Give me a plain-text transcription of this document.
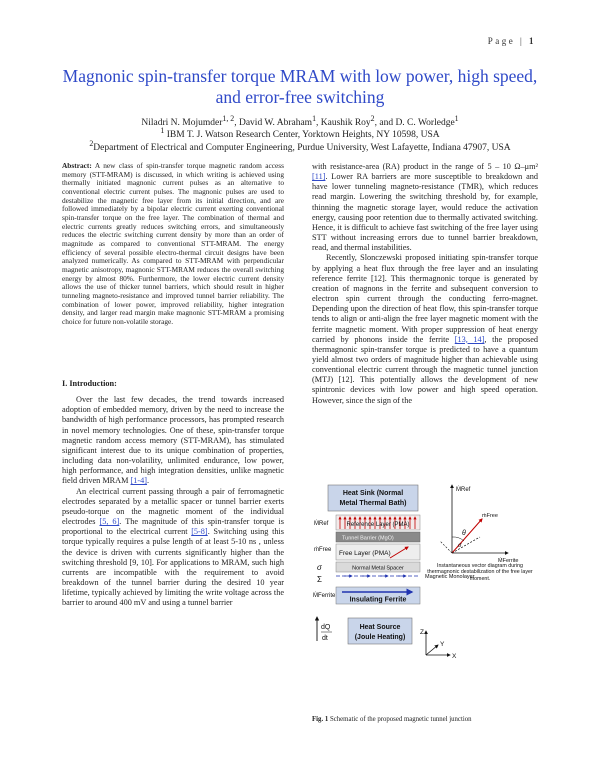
Page | 1
Magnonic spin-transfer torque MRAM with low power, high speed, and error-free switching
Niladri N. Mojumder$^{1, 2}$, David W. Abraham$^1$, Kaushik Roy$^2$, and D. C. Worledge$^1$
$^1$ IBM T. J. Watson Research Center, Yorktown Heights, NY 10598, USA
$^2$Department of Electrical and Computer Engineering, Purdue University, West Lafayette, Indiana 47907, USA
Abstract: A new class of spin-transfer torque magnetic random access memory (STT-MRAM) is discussed, in which writing is achieved using thermally initiated magnonic current pulses as an alternative to conventional electric current pulses. The magnonic pulses are used to destabilize the magnetic free layer from its initial direction, and are followed immediately by a bipolar electric current exerting conventional spin-transfer torque on the free layer. The combination of thermal and electric currents greatly reduces switching errors, and simultaneously reduces the electric switching current density by more than an order of magnitude as compared to conventional STT-MRAM. The energy efficiency of several possible electro-thermal circuit designs have been analyzed numerically. As compared to STT-MRAM with perpendicular magnetic anisotropy, magnonic STT-MRAM reduces the overall switching energy by almost 80%. Furthermore, the lower electric current density allows the use of thicker tunnel barriers, which should result in higher tunneling magneto-resistance and improved tunnel barrier reliability. The combination of lower power, improved reliability, higher integration density, and larger read margin make magnonic STT-MRAM a promising choice for future non-volatile storage.

I. Introduction:

Over the last few decades, the trend towards increased adoption of embedded memory, driven by the need to increase the bandwidth of high performance processors, has prompted research in novel memory technologies. One of these, spin-transfer torque magnetic random access memory (STT-MRAM), has stimulated significant interest due to its unique combination of properties, including data non-volatility, unlimited endurance, low power, high performance, and high integration densities, unlike magnetic field driven MRAM [1-4].

An electrical current passing through a pair of ferromagnetic electrodes separated by a metallic spacer or tunnel barrier exerts pseudo-torque on the magnetic moment of the individual electrodes [5, 6]. The magnitude of this spin-transfer torque is proportional to the electrical current [5-8]. Switching using this torque typically requires a pulse length of at least 5-10 ns , unless the device is driven with currents significantly higher than the switching threshold [9, 10]. For applications to MRAM, such high currents are incompatible with the requirement to avoid breakdown of the tunnel barrier during the desired 10 year lifetime, typically achieved by limiting the write voltage across the barrier to around 400 mV and using a tunnel barrier

with resistance-area (RA) product in the range of 5 – 10 Ω–μm² [11]. Lower RA barriers are more susceptible to breakdown and have lower tunneling magneto-resistance (TMR), which reduces read margin. Lowering the switching threshold by, for example, thinning the magnetic storage layer, would reduce the activation energy, causing poor retention due to thermally activated switching. Hence, it is difficult to achieve fast switching of the free layer using STT without increasing errors due to tunnel barrier breakdown, read, and thermal instabilities.

Recently, Slonczewski proposed initiating spin-transfer torque by applying a heat flux through the free layer and an insulating reference ferrite [12]. This thermagnonic torque is generated by creation of magnons in the ferrite and subsequent conversion to electron spin current through the conducting ferro-magnet. Depending upon the direction of heat flow, this spin-transfer torque tends to align or anti-align the free layer magnetic moment with the ferrite magnetic moment. With proper suppression of heat energy carried by phonons inside the ferrite [13, 14], the proposed thermagnonic spin-transfer torque is predicted to have a quantum yield almost two orders of magnitude higher than achievable using conventional electric current through the magnetic tunnel junction (MTJ) [12]. This potentially allows the development of new spintronic devices with low power and high speed operation. However, since the sign of the

Heat Sink (Normal
Metal Thermal Bath)
Reference Layer (PMA)
ṀRef
Tunnel Barrier (MgO)
Free Layer (PMA)
ṁFree
Normal Metal Spacer
σ
Σ	Magnetic Monolayer
Insulating Ferrite
ṀFerrite
dQ
dt
Heat Source
(Joule Heating)
ṀRef
ṁFree
θ
σ
ṀFerrite
Instantaneous vector diagram during thermagnonic destabilization of the free layer moment.
Z
X
Y
Fig. 1 Schematic of the proposed magnetic tunnel junction
